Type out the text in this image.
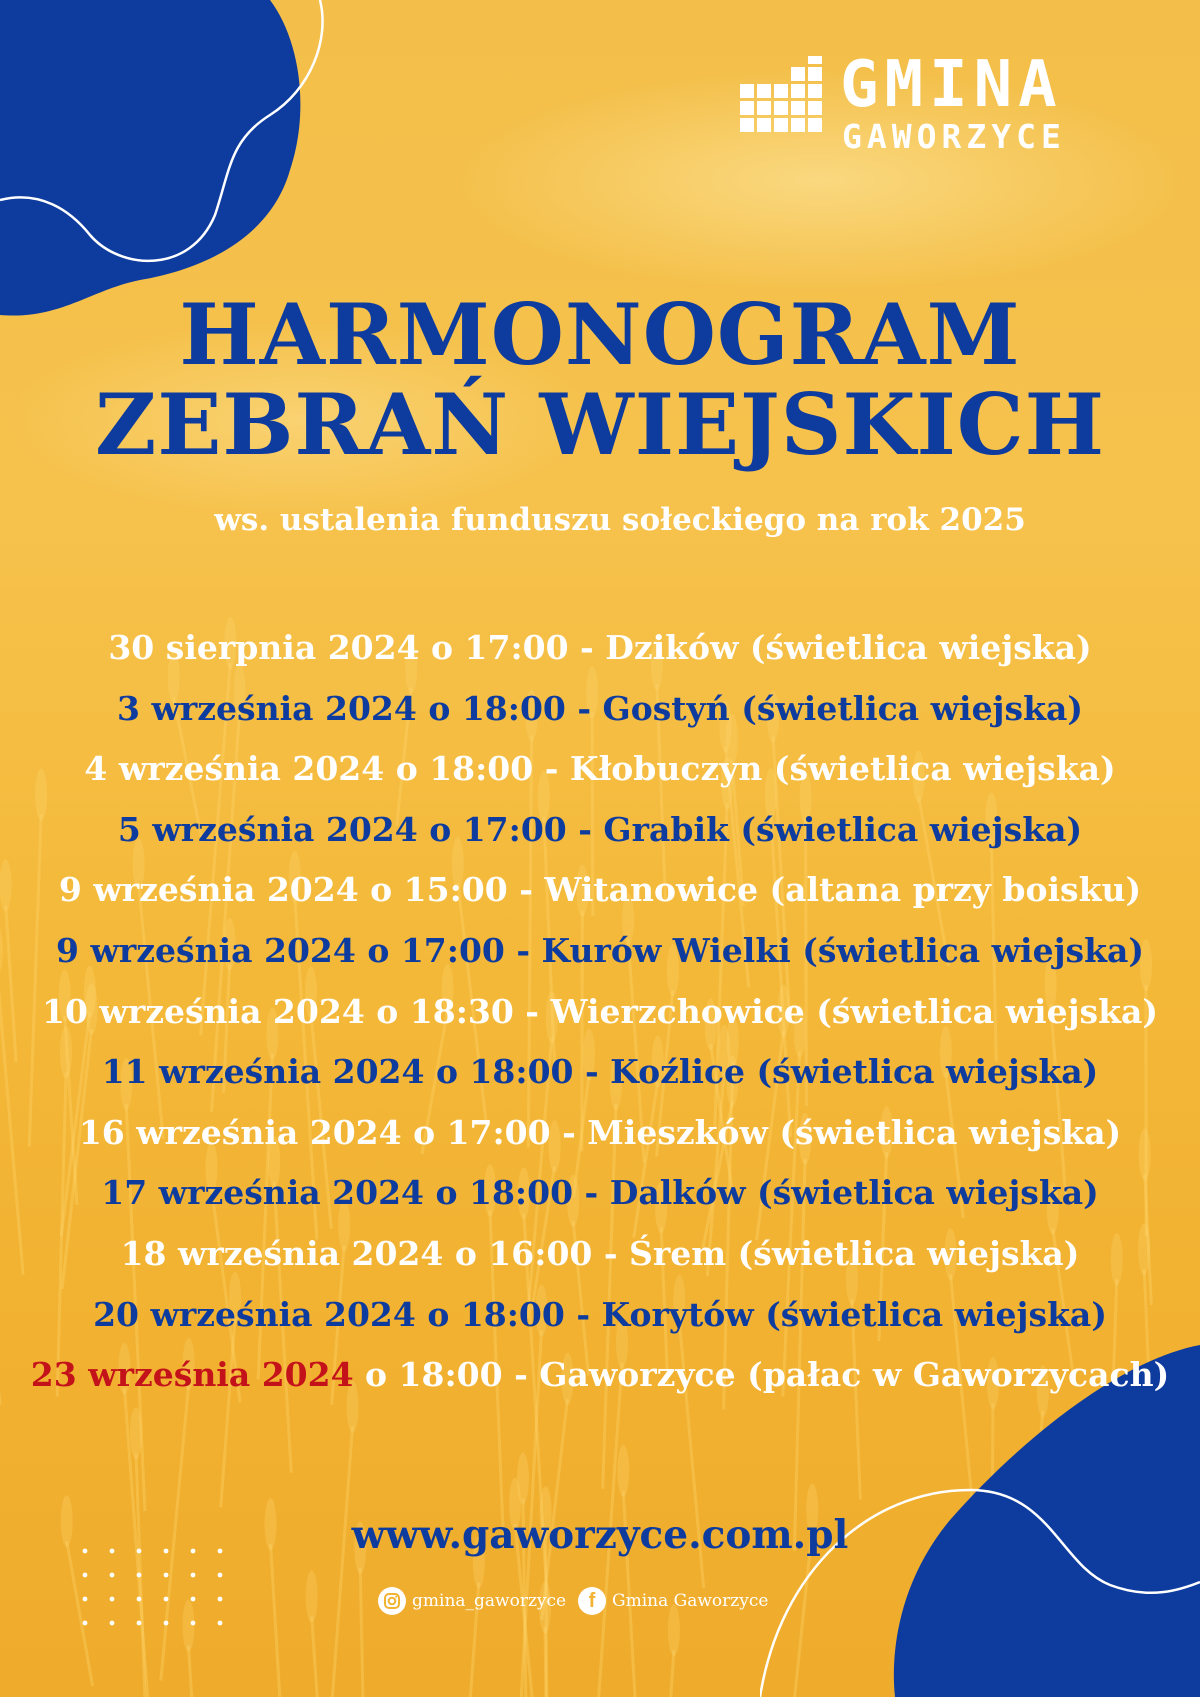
GMINA
GAWORZYCE
HARMONOGRAM
ZEBRAŃ WIEJSKICH
ws. ustalenia funduszu sołeckiego na rok 2025
30 sierpnia 2024 o 17:00 - Dzików (świetlica wiejska)
3 września 2024 o 18:00 - Gostyń (świetlica wiejska)
4 września 2024 o 18:00 - Kłobuczyn (świetlica wiejska)
5 września 2024 o 17:00 - Grabik (świetlica wiejska)
9 września 2024 o 15:00 - Witanowice (altana przy boisku)
9 września 2024 o 17:00 - Kurów Wielki (świetlica wiejska)
10 września 2024 o 18:30 - Wierzchowice (świetlica wiejska)
11 września 2024 o 18:00 - Koźlice (świetlica wiejska)
16 września 2024 o 17:00 - Mieszków (świetlica wiejska)
17 września 2024 o 18:00 - Dalków (świetlica wiejska)
18 września 2024 o 16:00 - Śrem (świetlica wiejska)
20 września 2024 o 18:00 - Korytów (świetlica wiejska)
23 września 2024 o 18:00 - Gaworzyce (pałac w Gaworzycach)
www.gaworzyce.com.pl
gmina_gaworzyce	f Gmina Gaworzyce
